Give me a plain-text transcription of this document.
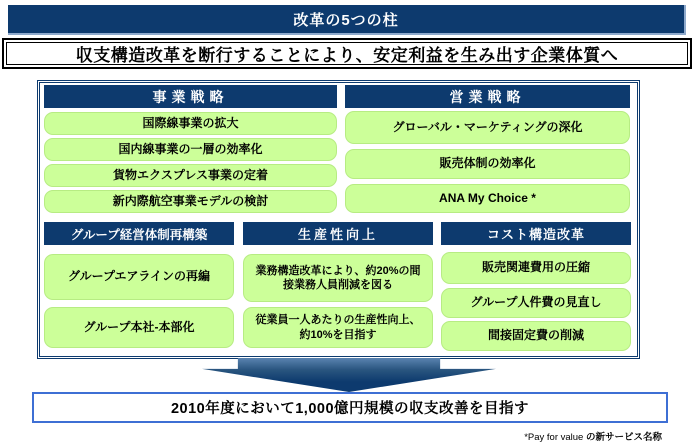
改革の5つの柱
収支構造改革を断行することにより、安定利益を生み出す企業体質へ
事業戦略	営業戦略
国際線事業の拡大
国内線事業の一層の効率化
貨物エクスプレス事業の定着
新内際航空事業モデルの検討
グローバル・マーケティングの深化
販売体制の効率化
ANA My Choice *
グループ経営体制再構築	生産性向上	コスト構造改革
グループエアラインの再編
グループ本社-本部化
業務構造改革により、約20%の間接業務人員削減を図る
従業員一人あたりの生産性向上、約10%を目指す
販売関連費用の圧縮
グループ人件費の見直し
間接固定費の削減
2010年度において1,000億円規模の収支改善を目指す
*Pay for value の新サービス名称
